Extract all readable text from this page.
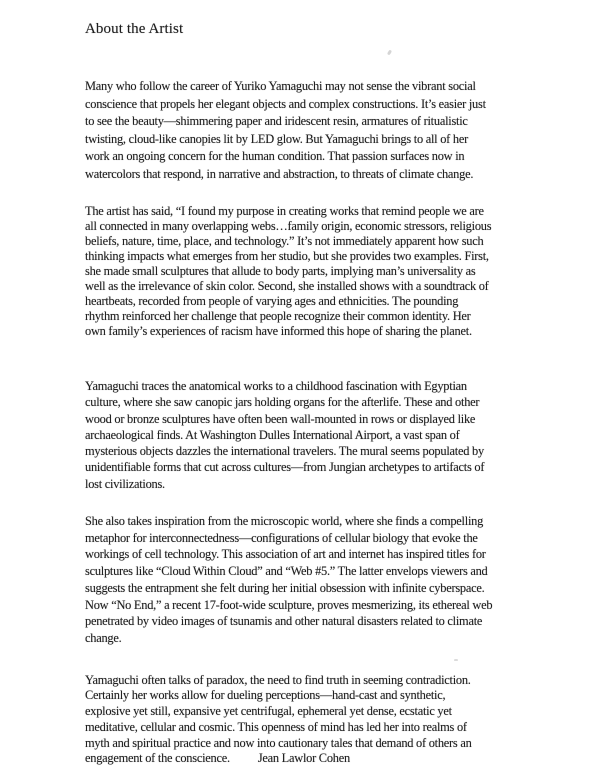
About the Artist
Many who follow the career of Yuriko Yamaguchi may not sense the vibrant social
conscience that propels her elegant objects and complex constructions. It’s easier just
to see the beauty—shimmering paper and iridescent resin, armatures of ritualistic
twisting, cloud-like canopies lit by LED glow. But Yamaguchi brings to all of her
work an ongoing concern for the human condition. That passion surfaces now in
watercolors that respond, in narrative and abstraction, to threats of climate change.
The artist has said, “I found my purpose in creating works that remind people we are
all connected in many overlapping webs…family origin, economic stressors, religious
beliefs, nature, time, place, and technology.” It’s not immediately apparent how such
thinking impacts what emerges from her studio, but she provides two examples. First,
she made small sculptures that allude to body parts, implying man’s universality as
well as the irrelevance of skin color. Second, she installed shows with a soundtrack of
heartbeats, recorded from people of varying ages and ethnicities. The pounding
rhythm reinforced her challenge that people recognize their common identity. Her
own family’s experiences of racism have informed this hope of sharing the planet.
Yamaguchi traces the anatomical works to a childhood fascination with Egyptian
culture, where she saw canopic jars holding organs for the afterlife. These and other
wood or bronze sculptures have often been wall-mounted in rows or displayed like
archaeological finds. At Washington Dulles International Airport, a vast span of
mysterious objects dazzles the international travelers. The mural seems populated by
unidentifiable forms that cut across cultures—from Jungian archetypes to artifacts of
lost civilizations.
She also takes inspiration from the microscopic world, where she finds a compelling
metaphor for interconnectedness—configurations of cellular biology that evoke the
workings of cell technology. This association of art and internet has inspired titles for
sculptures like “Cloud Within Cloud” and “Web #5.” The latter envelops viewers and
suggests the entrapment she felt during her initial obsession with infinite cyberspace.
Now “No End,” a recent 17-foot-wide sculpture, proves mesmerizing, its ethereal web
penetrated by video images of tsunamis and other natural disasters related to climate
change.
Yamaguchi often talks of paradox, the need to find truth in seeming contradiction.
Certainly her works allow for dueling perceptions—hand-cast and synthetic,
explosive yet still, expansive yet centrifugal, ephemeral yet dense, ecstatic yet
meditative, cellular and cosmic. This openness of mind has led her into realms of
myth and spiritual practice and now into cautionary tales that demand of others an
engagement of the conscience. Jean Lawlor Cohen
